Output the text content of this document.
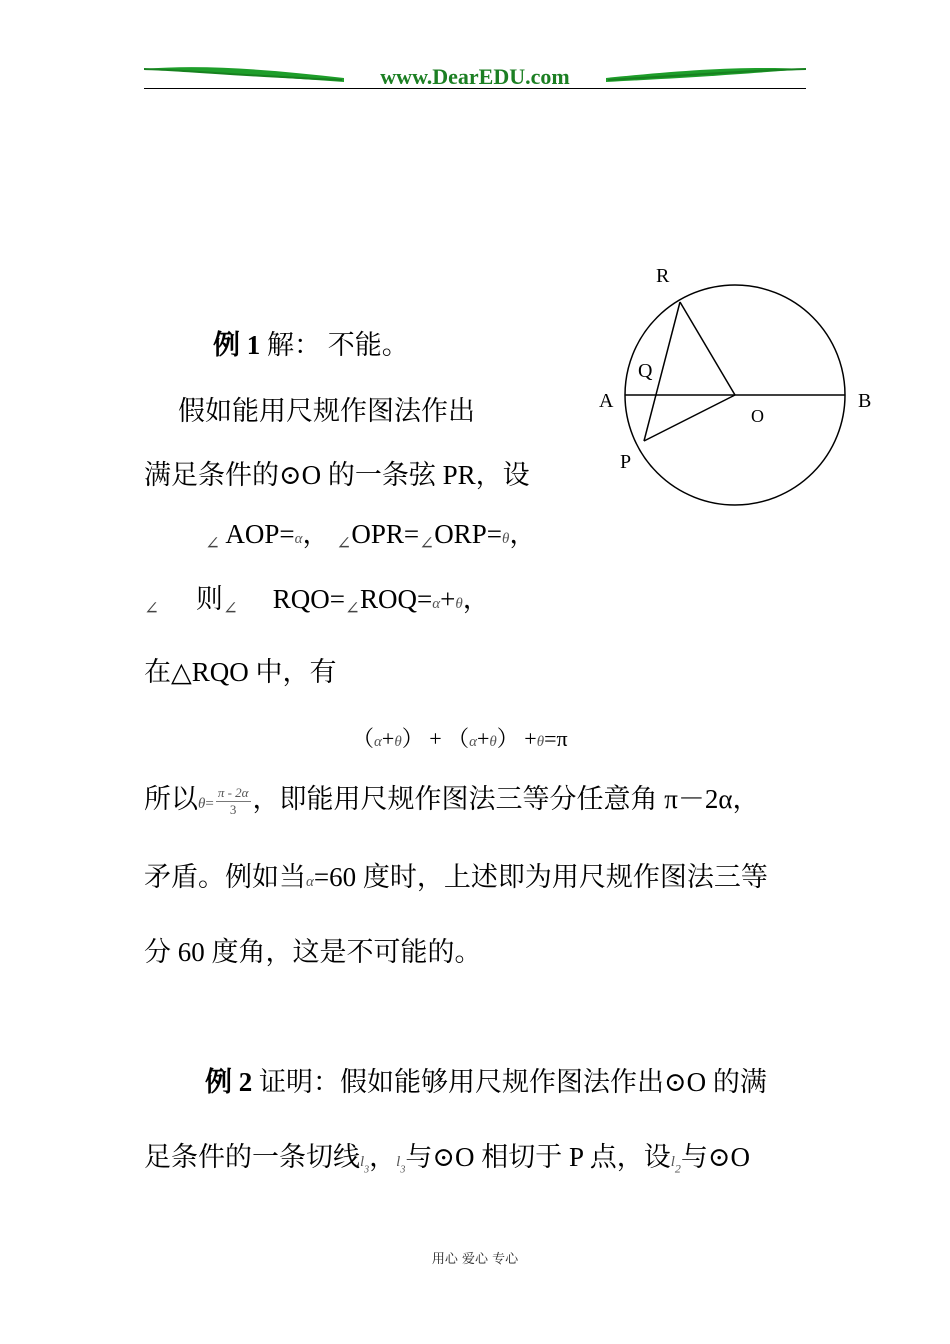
www.DearEDU.com
R
Q
A	B
O
P
例 1 解： 不能。
假如能用尺规作图法作出
满足条件的⊙O 的一条弦 PR，设
$_\angle$ AOP=α， $_\angle OPR=_\angle ORP=\theta$，
$_\angle$ 则$_\angle$ $RQO=_\angle ROQ=\alpha+\theta$，
在△RQO 中，有
（α+θ） + （α+θ） +θ=π
所以$\theta= \frac{\pi - 2\alpha}{3}$ ，即能用尺规作图法三等分任意角 π－2α，
矛盾。例如当α=60 度时，上述即为用尺规作图法三等
分 60 度角，这是不可能的。
例 2 证明：假如能够用尺规作图法作出⊙O 的满
足条件的一条切线$l_3$，$l_3$与⊙O 相切于 P 点，设$l_2$与⊙O
用心 爱心 专心
